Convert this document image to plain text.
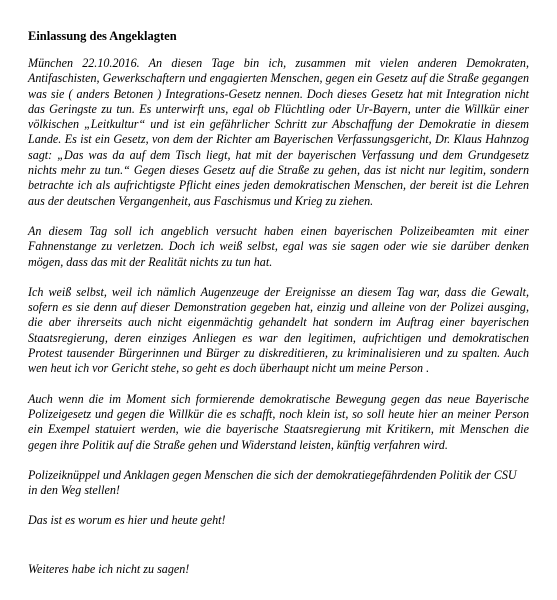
Einlassung des Angeklagten

München 22.10.2016. An diesen Tage bin ich, zusammen mit vielen anderen Demokraten, Antifaschisten, Gewerkschaftern und engagierten Menschen, gegen ein Gesetz auf die Straße gegangen was sie ( anders Betonen ) Integrations-Gesetz nennen. Doch dieses Gesetz hat mit Integration nicht das Geringste zu tun. Es unterwirft uns, egal ob Flüchtling oder Ur-Bayern, unter die Willkür einer völkischen „Leitkultur“ und ist ein gefährlicher Schritt zur Abschaffung der Demokratie in diesem Lande. Es ist ein Gesetz, von dem der Richter am Bayerischen Verfassungsgericht, Dr. Klaus Hahnzog sagt: „Das was da auf dem Tisch liegt, hat mit der bayerischen Verfassung und dem Grundgesetz nichts mehr zu tun.“ Gegen dieses Gesetz auf die Straße zu gehen, das ist nicht nur legitim, sondern betrachte ich als aufrichtigste Pflicht eines jeden demokratischen Menschen, der bereit ist die Lehren aus der deutschen Vergangenheit, aus Faschismus und Krieg zu ziehen.

An diesem Tag soll ich angeblich versucht haben einen bayerischen Polizeibeamten mit einer Fahnenstange zu verletzen. Doch ich weiß selbst, egal was sie sagen oder wie sie darüber denken mögen, dass das mit der Realität nichts zu tun hat.

Ich weiß selbst, weil ich nämlich Augenzeuge der Ereignisse an diesem Tag war, dass die Gewalt, sofern es sie denn auf dieser Demonstration gegeben hat, einzig und alleine von der Polizei ausging, die aber ihrerseits auch nicht eigenmächtig gehandelt hat sondern im Auftrag einer bayerischen Staatsregierung, deren einziges Anliegen es war den legitimen, aufrichtigen und demokratischen Protest tausender Bürgerinnen und Bürger zu diskreditieren, zu kriminalisieren und zu spalten. Auch wen heut ich vor Gericht stehe, so geht es doch überhaupt nicht um meine Person .

Auch wenn die im Moment sich formierende demokratische Bewegung gegen das neue Bayerische Polizeigesetz und gegen die Willkür die es schafft, noch klein ist, so soll heute hier an meiner Person ein Exempel statuiert werden, wie die bayerische Staatsregierung mit Kritikern, mit Menschen die gegen ihre Politik auf die Straße gehen und Widerstand leisten, künftig verfahren wird.

Polizeiknüppel und Anklagen gegen Menschen die sich der demokratiegefährdenden Politik der CSU in den Weg stellen!

Das ist es worum es hier und heute geht!

Weiteres habe ich nicht zu sagen!
